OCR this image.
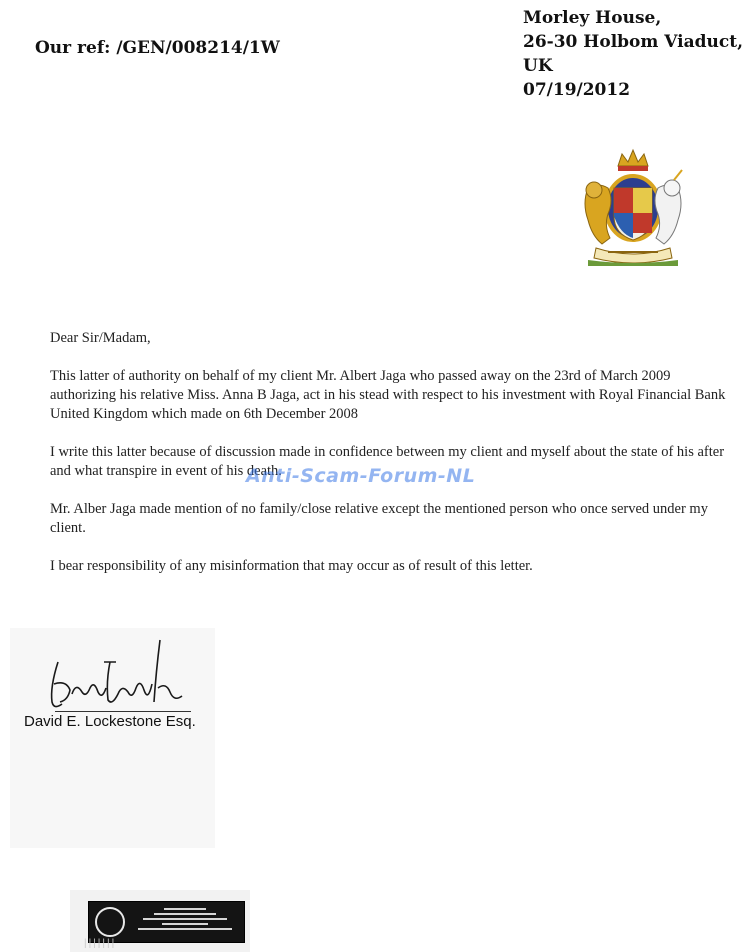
Our ref: /GEN/008214/1W
Morley House,
26-30 Holbom Viaduct,
UK
07/19/2012

Dear Sir/Madam,

This latter of authority on behalf of my client Mr. Albert Jaga who passed away on the 23rd of March 2009 authorizing his relative Miss. Anna B Jaga, act in his stead with respect to his investment with Royal Financial Bank United Kingdom which made on 6th December 2008

I write this latter because of discussion made in confidence between my client and myself about the state of his after and what transpire in event of his death.

Mr. Alber Jaga made mention of no family/close relative except the mentioned person who once served under my client.

I bear responsibility of any misinformation that may occur as of result of this letter.

Anti-Scam-Forum-NL
David E. Lockestone Esq.
|||||||
